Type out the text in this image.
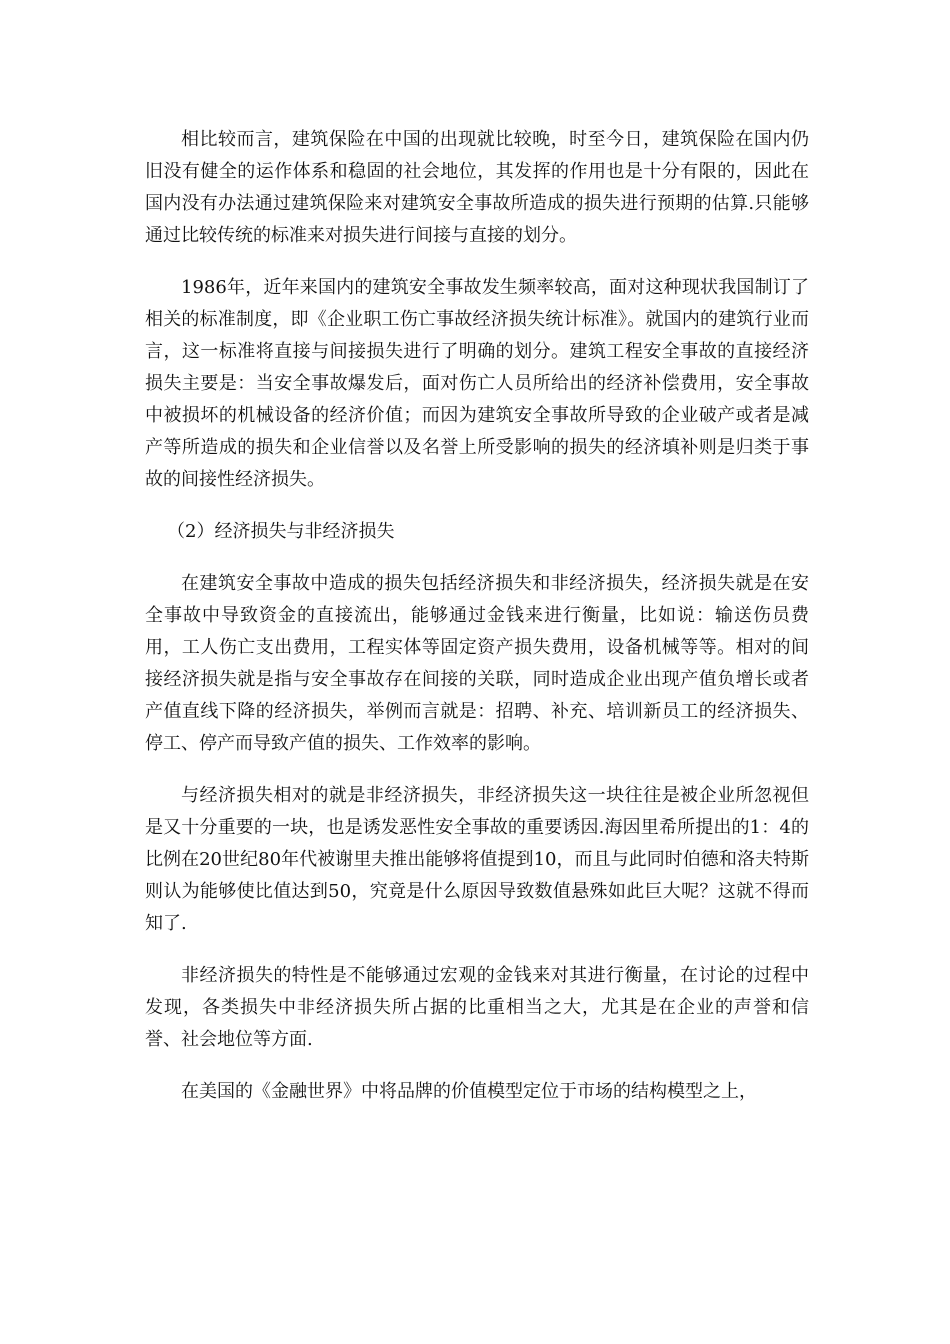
相比较而言，建筑保险在中国的出现就比较晚，时至今日，建筑保险在国内仍旧没有健全的运作体系和稳固的社会地位，其发挥的作用也是十分有限的，因此在国内没有办法通过建筑保险来对建筑安全事故所造成的损失进行预期的估算.只能够通过比较传统的标准来对损失进行间接与直接的划分。

1986年，近年来国内的建筑安全事故发生频率较高，面对这种现状我国制订了相关的标准制度，即《企业职工伤亡事故经济损失统计标准》。就国内的建筑行业而言，这一标准将直接与间接损失进行了明确的划分。建筑工程安全事故的直接经济损失主要是：当安全事故爆发后，面对伤亡人员所给出的经济补偿费用，安全事故中被损坏的机械设备的经济价值；而因为建筑安全事故所导致的企业破产或者是减产等所造成的损失和企业信誉以及名誉上所受影响的损失的经济填补则是归类于事故的间接性经济损失。

（2）经济损失与非经济损失

在建筑安全事故中造成的损失包括经济损失和非经济损失，经济损失就是在安全事故中导致资金的直接流出，能够通过金钱来进行衡量，比如说：输送伤员费用，工人伤亡支出费用，工程实体等固定资产损失费用，设备机械等等。相对的间接经济损失就是指与安全事故存在间接的关联，同时造成企业出现产值负增长或者产值直线下降的经济损失，举例而言就是：招聘、补充、培训新员工的经济损失、停工、停产而导致产值的损失、工作效率的影响。

与经济损失相对的就是非经济损失，非经济损失这一块往往是被企业所忽视但是又十分重要的一块，也是诱发恶性安全事故的重要诱因.海因里希所提出的1：4的比例在20世纪80年代被谢里夫推出能够将值提到10，而且与此同时伯德和洛夫特斯则认为能够使比值达到50，究竟是什么原因导致数值悬殊如此巨大呢？这就不得而知了.

非经济损失的特性是不能够通过宏观的金钱来对其进行衡量，在讨论的过程中发现，各类损失中非经济损失所占据的比重相当之大，尤其是在企业的声誉和信誉、社会地位等方面.

在美国的《金融世界》中将品牌的价值模型定位于市场的结构模型之上，
